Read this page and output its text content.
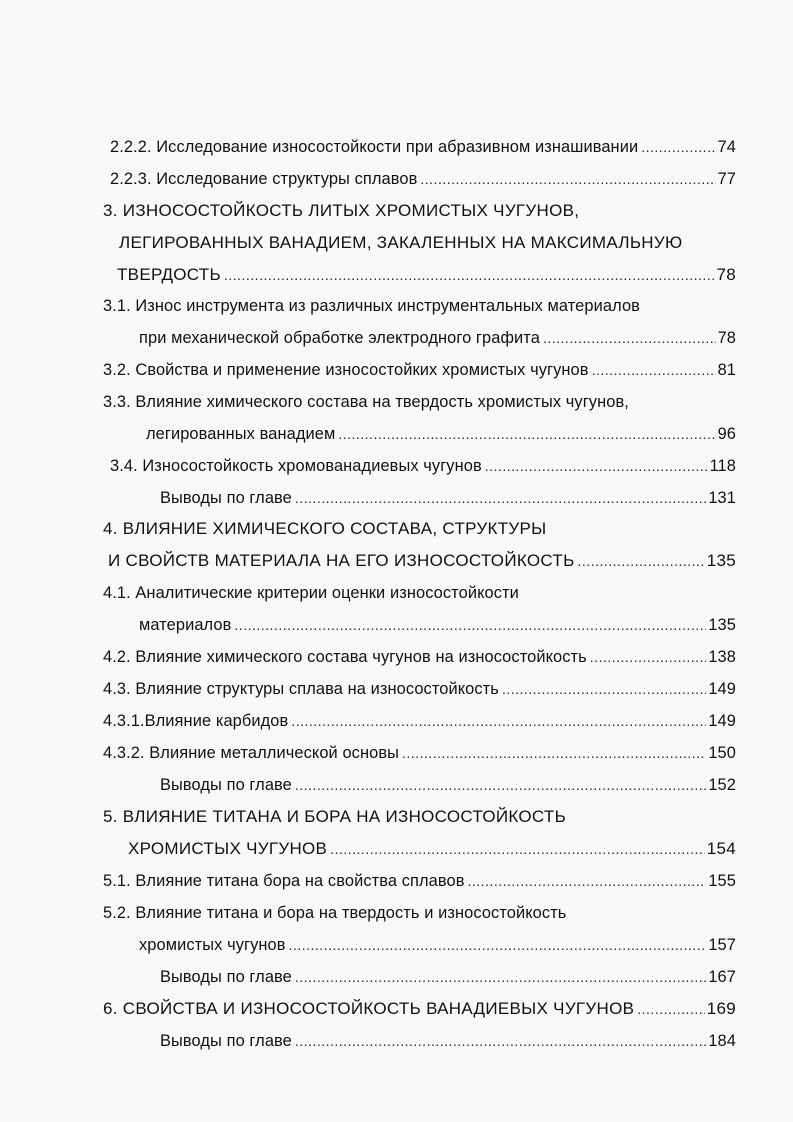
2.2.2. Исследование износостойкости при абразивном изнашивании .....	74
2.2.3. Исследование структуры сплавов .....	77
3. ИЗНОСОСТОЙКОСТЬ ЛИТЫХ ХРОМИСТЫХ ЧУГУНОВ,
ЛЕГИРОВАННЫХ ВАНАДИЕМ, ЗАКАЛЕННЫХ НА МАКСИМАЛЬНУЮ
ТВЕРДОСТЬ .....	78
3.1. Износ инструмента из различных инструментальных материалов
при механической обработке электродного графита .....	78
3.2. Свойства и применение износостойких хромистых чугунов .....	81
3.3. Влияние химического состава на твердость хромистых чугунов,
легированных ванадием .....	96
3.4. Износостойкость хромованадиевых чугунов .....	118
Выводы по главе .....	131
4. ВЛИЯНИЕ ХИМИЧЕСКОГО СОСТАВА, СТРУКТУРЫ
И СВОЙСТВ МАТЕРИАЛА НА ЕГО ИЗНОСОСТОЙКОСТЬ .....	135
4.1. Аналитические критерии оценки износостойкости
материалов .....	135
4.2. Влияние химического состава чугунов на износостойкость .....	138
4.3. Влияние структуры сплава на износостойкость .....	149
4.3.1.Влияние карбидов .....	149
4.3.2. Влияние металлической основы .....	150
Выводы по главе .....	152
5. ВЛИЯНИЕ ТИТАНА И БОРА НА ИЗНОСОСТОЙКОСТЬ
ХРОМИСТЫХ ЧУГУНОВ .....	154
5.1. Влияние титана бора на свойства сплавов .....	155
5.2. Влияние титана и бора на твердость и износостойкость
хромистых чугунов .....	157
Выводы по главе .....	167
6. СВОЙСТВА И ИЗНОСОСТОЙКОСТЬ ВАНАДИЕВЫХ ЧУГУНОВ .....	169
Выводы по главе .....	184
